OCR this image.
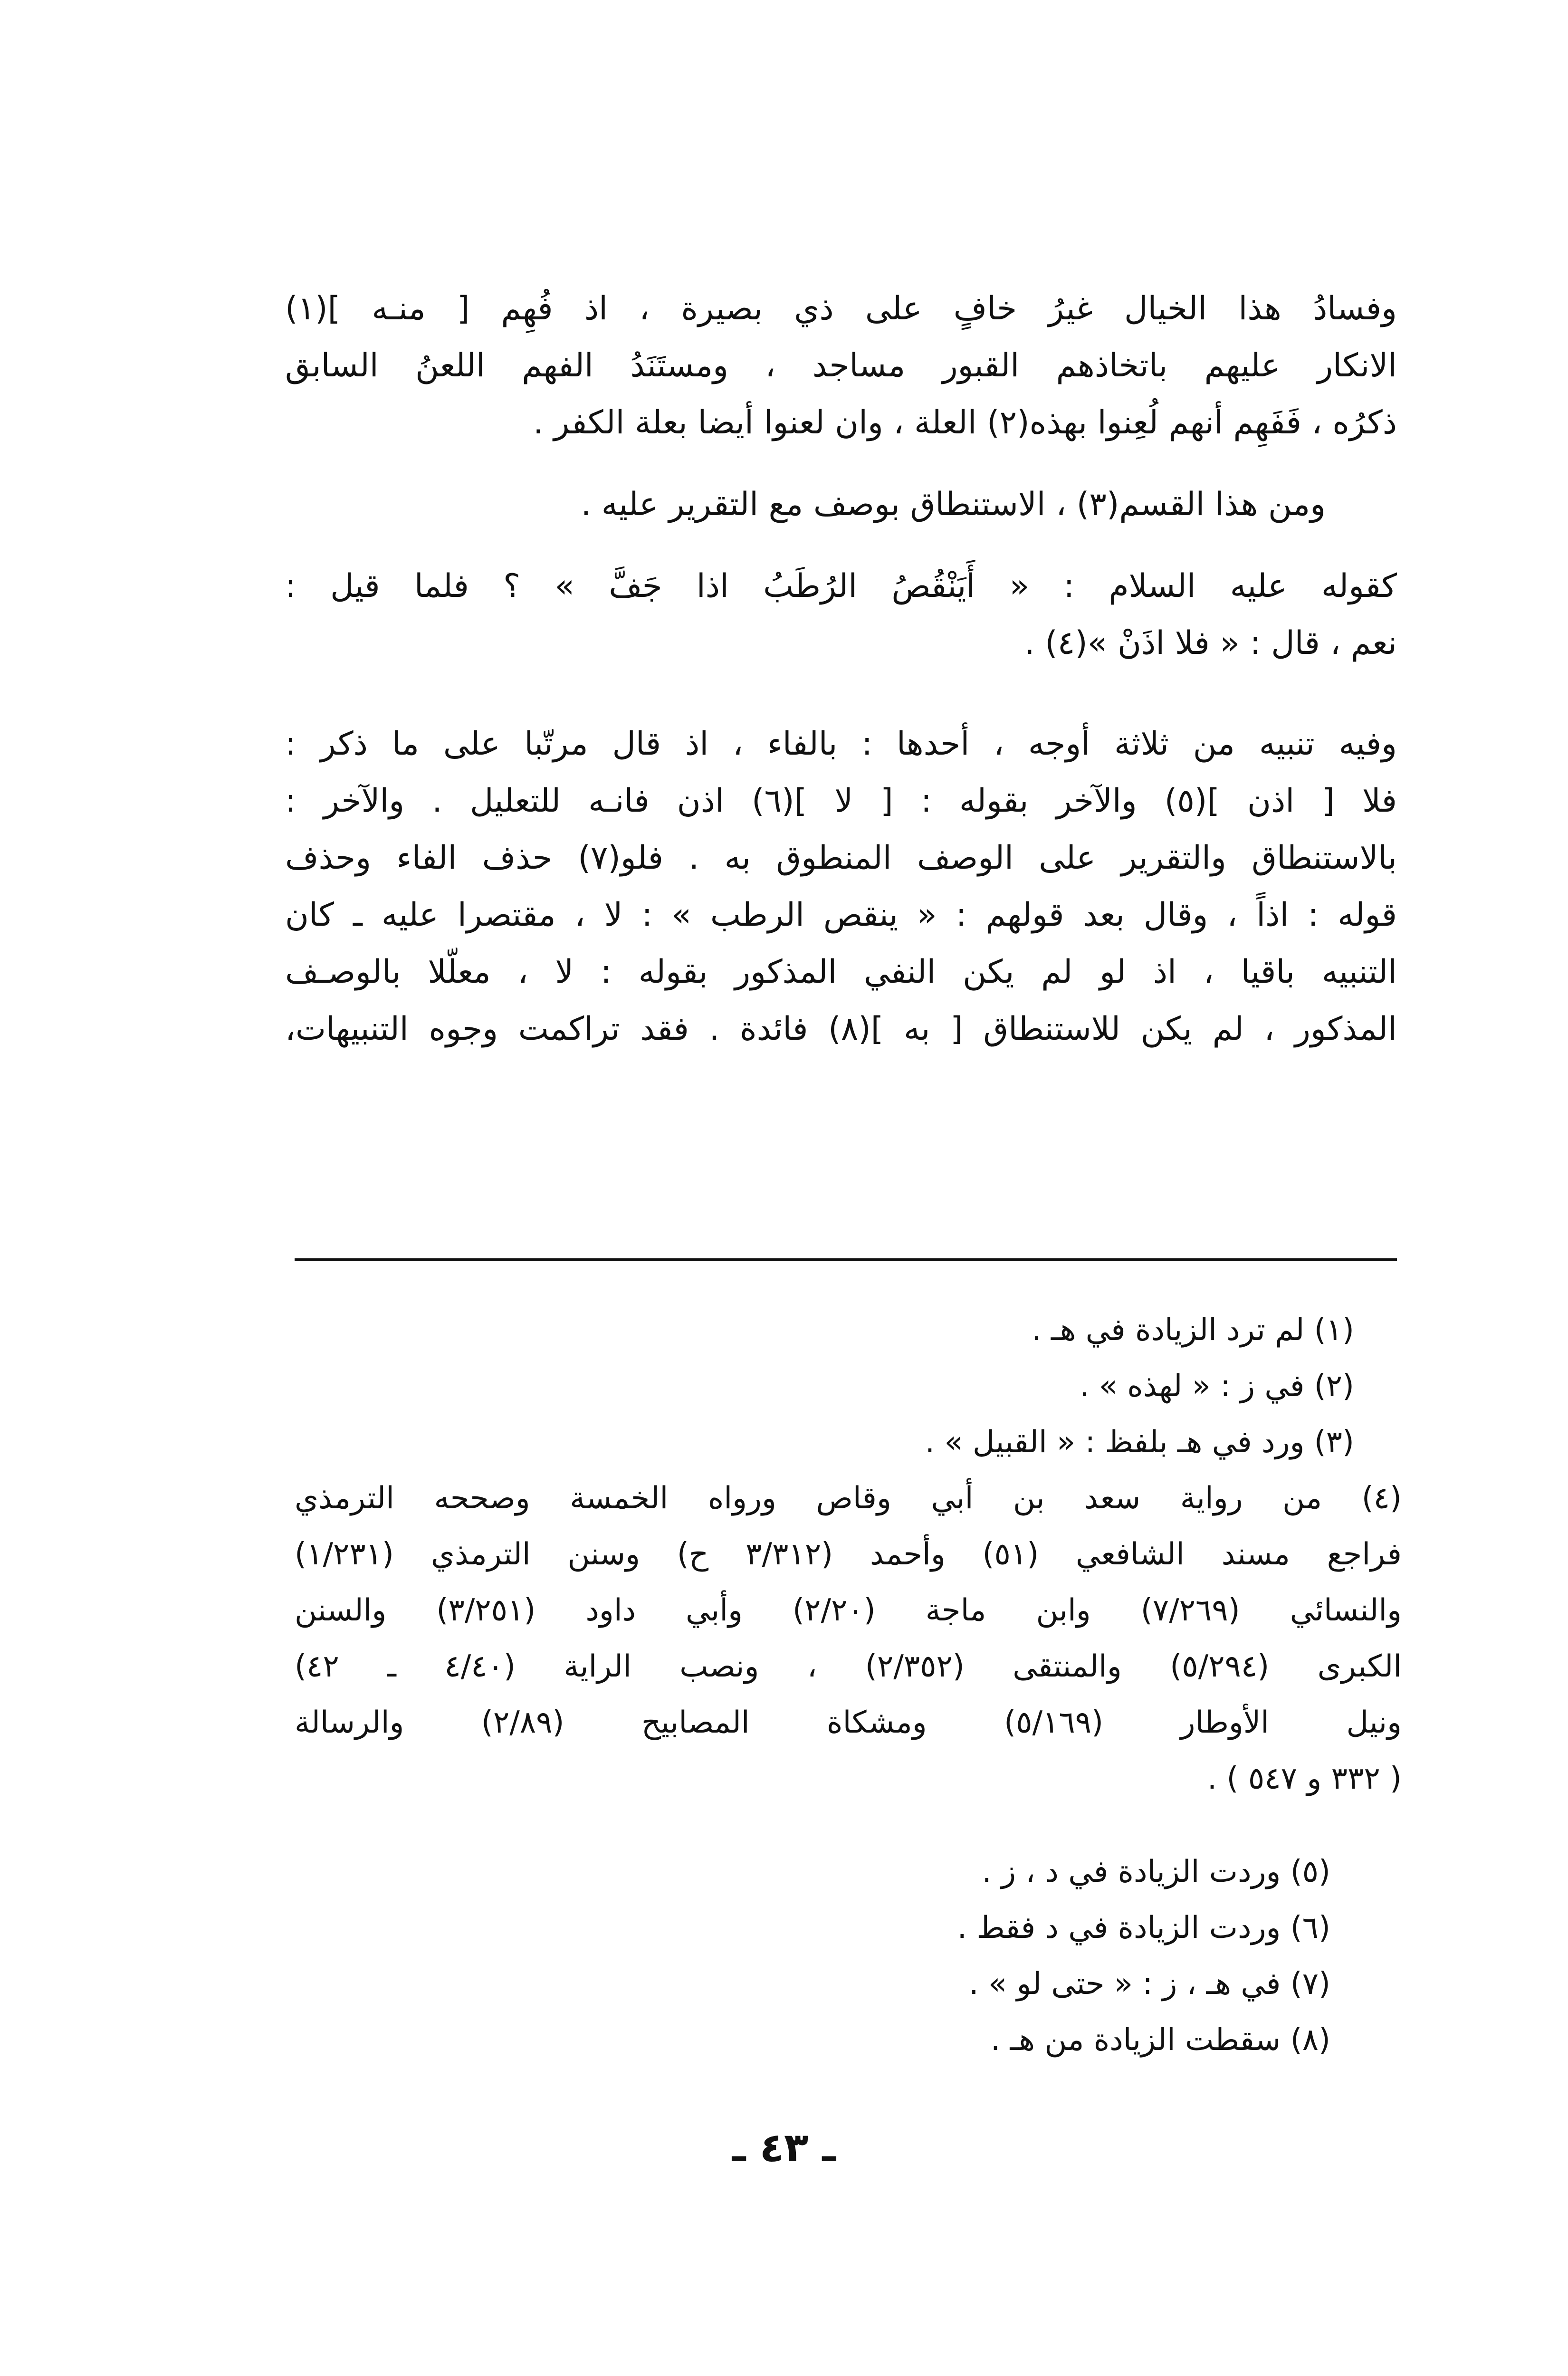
وفسادُ هذا الخيال غيرُ خافٍ على ذي بصيرة ، اذ فُهِم [ منـه ](١)
الانكار عليهم باتخاذهم القبور مساجد ، ومستَنَدُ الفهم اللعنُ السابق
ذكرُه ، فَفَهِم أنهم لُعِنوا بهذه(٢) العلة ، وان لعنوا أيضا بعلة الكفر .
ومن هذا القسم(٣) ، الاستنطاق بوصف مع التقرير عليه .
كقوله عليه السلام : « أَيَنْقُصُ الرُطَبُ اذا جَفَّ » ؟ فلما قيل :
نعم ، قال : « فلا اذَنْ »(٤) .
وفيه تنبيه من ثلاثة أوجه ، أحدها : بالفاء ، اذ قال مرتّبا على ما ذكر :
فلا [ اذن ](٥) والآخر بقوله : [ لا ](٦) اذن فانـه للتعليل . والآخر :
بالاستنطاق والتقرير على الوصف المنطوق به . فلو(٧) حذف الفاء وحذف
قوله : اذاً ، وقال بعد قولهم : « ينقص الرطب » : لا ، مقتصرا عليه ـ كان
التنبيه باقيا ، اذ لو لم يكن النفي المذكور بقوله : لا ، معلّلا بالوصـف
المذكور ، لم يكن للاستنطاق [ به ](٨) فائدة . فقد تراكمت وجوه التنبيهات،
(١) لم ترد الزيادة في هـ .
(٢) في ز : « لهذه » .
(٣) ورد في هـ بلفظ : « القبيل » .
(٤) من رواية سعد بن أبي وقاص ورواه الخمسة وصححه الترمذي
فراجع مسند الشافعي (٥١) وأحمد (٣/٣١٢ ح) وسنن الترمذي (١/٢٣١)
والنسائي (٧/٢٦٩) وابن ماجة (٢/٢٠) وأبي داود (٣/٢٥١) والسنن
الكبرى (٥/٢٩٤) والمنتقى (٢/٣٥٢) ، ونصب الراية (٤/٤٠ ـ ٤٢)
ونيل الأوطار (٥/١٦٩) ومشكاة المصابيح (٢/٨٩) والرسالة
( ٣٣٢ و ٥٤٧ ) .
(٥) وردت الزيادة في د ، ز .
(٦) وردت الزيادة في د فقط .
(٧) في هـ ، ز : « حتى لو » .
(٨) سقطت الزيادة من هـ .
ـ ٤٣ ـ
